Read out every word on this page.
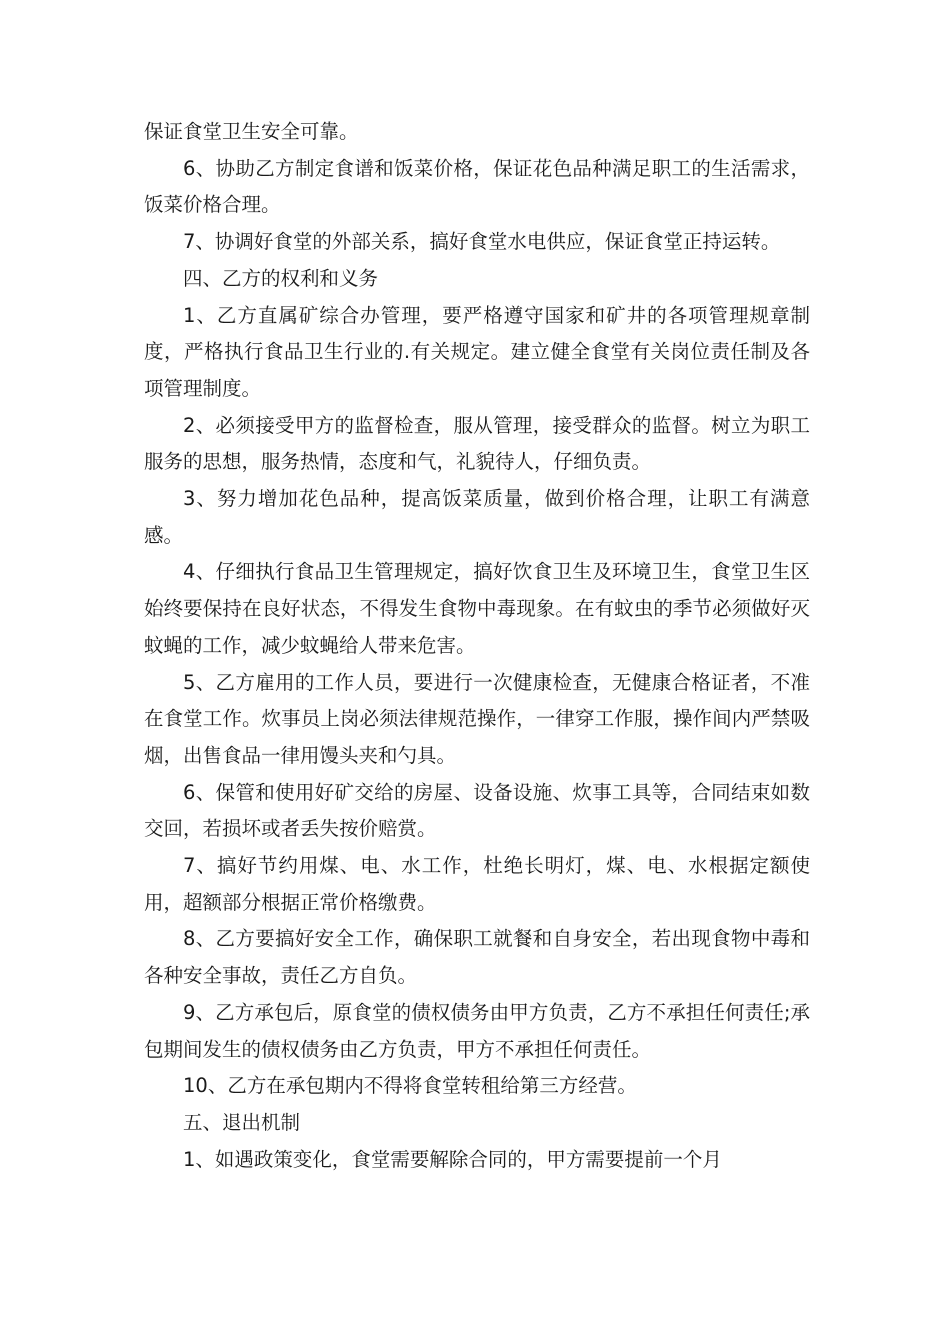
保证食堂卫生安全可靠。

6、协助乙方制定食谱和饭菜价格，保证花色品种满足职工的生活需求，饭菜价格合理。

7、协调好食堂的外部关系，搞好食堂水电供应，保证食堂正持运转。

四、乙方的权利和义务

1、乙方直属矿综合办管理，要严格遵守国家和矿井的各项管理规章制度，严格执行食品卫生行业的.有关规定。建立健全食堂有关岗位责任制及各项管理制度。

2、必须接受甲方的监督检查，服从管理，接受群众的监督。树立为职工服务的思想，服务热情，态度和气，礼貌待人，仔细负责。

3、努力增加花色品种，提高饭菜质量，做到价格合理，让职工有满意感。

4、仔细执行食品卫生管理规定，搞好饮食卫生及环境卫生，食堂卫生区始终要保持在良好状态，不得发生食物中毒现象。在有蚊虫的季节必须做好灭蚊蝇的工作，减少蚊蝇给人带来危害。

5、乙方雇用的工作人员，要进行一次健康检查，无健康合格证者，不准在食堂工作。炊事员上岗必须法律规范操作，一律穿工作服，操作间内严禁吸烟，出售食品一律用馒头夹和勺具。

6、保管和使用好矿交给的房屋、设备设施、炊事工具等，合同结束如数交回，若损坏或者丢失按价赔赏。

7、搞好节约用煤、电、水工作，杜绝长明灯，煤、电、水根据定额使用，超额部分根据正常价格缴费。

8、乙方要搞好安全工作，确保职工就餐和自身安全，若出现食物中毒和各种安全事故，责任乙方自负。

9、乙方承包后，原食堂的债权债务由甲方负责，乙方不承担任何责任;承包期间发生的债权债务由乙方负责，甲方不承担任何责任。

10、乙方在承包期内不得将食堂转租给第三方经营。

五、退出机制

1、如遇政策变化，食堂需要解除合同的，甲方需要提前一个月
